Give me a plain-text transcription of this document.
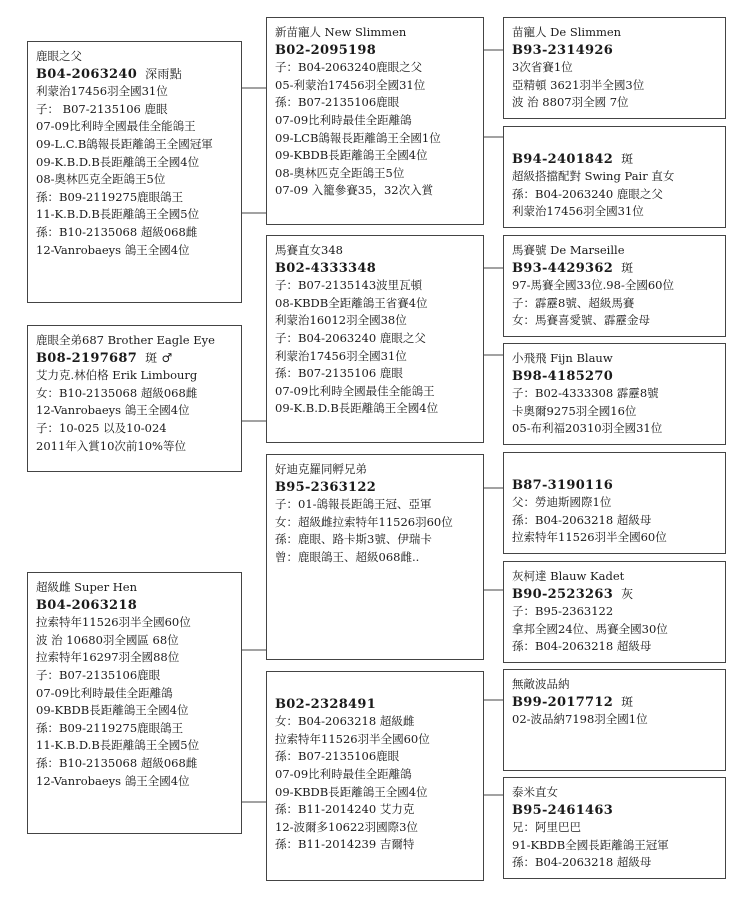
鹿眼之父
B04-2063240 深雨點
利蒙治17456羽全國31位
子： B07-2135106 鹿眼
07-09比利時全國最佳全能鴿王
09-L.C.B鴿報長距離鴿王全國冠軍
09-K.B.D.B長距離鴿王全國4位
08-奧林匹克全距鴿王5位
孫：B09-2119275鹿眼鴿王
11-K.B.D.B長距離鴿王全國5位
孫：B10-2135068 超級068雌
12-Vanrobaeys 鴿王全國4位
鹿眼全弟687 Brother Eagle Eye
B08-2197687 斑 ♂
艾力克.林伯格 Erik Limbourg
女：B10-2135068 超級068雌
12-Vanrobaeys 鴿王全國4位
子：10-025 以及10-024
2011年入賞10次前10%等位
超級雌 Super Hen
B04-2063218
拉索特年11526羽半全國60位
波 治 10680羽全國區 68位
拉索特年16297羽全國88位
子：B07-2135106鹿眼
07-09比利時最佳全距離鴿
09-KBDB長距離鴿王全國4位
孫：B09-2119275鹿眼鴿王
11-K.B.D.B長距離鴿王全國5位
孫：B10-2135068 超級068雌
12-Vanrobaeys 鴿王全國4位
新苗寵人 New Slimmen
B02-2095198
子：B04-2063240鹿眼之父
05-利蒙治17456羽全國31位
孫：B07-2135106鹿眼
07-09比利時最佳全距離鴿
09-LCB鴿報長距離鴿王全國1位
09-KBDB長距離鴿王全國4位
08-奧林匹克全距鴿王5位
07-09 入籠參賽35，32次入賞
馬賽直女348
B02-4333348
子：B07-2135143波里瓦頓
08-KBDB全距離鴿王省賽4位
利蒙治16012羽全國38位
子：B04-2063240 鹿眼之父
利蒙治17456羽全國31位
孫：B07-2135106 鹿眼
07-09比利時全國最佳全能鴿王
09-K.B.D.B長距離鴿王全國4位
好迪克羅同孵兄弟
B95-2363122
子：01-鴿報長距鴿王冠、亞軍
女：超級雌拉索特年11526羽60位
孫：鹿眼、路卡斯3號、伊瑞卡
曾：鹿眼鴿王、超級068雌..

B02-2328491
女：B04-2063218 超級雌
拉索特年11526羽半全國60位
孫：B07-2135106鹿眼
07-09比利時最佳全距離鴿
09-KBDB長距離鴿王全國4位
孫：B11-2014240 艾力克
12-波爾多10622羽國際3位
孫：B11-2014239 吉爾特
苗寵人 De Slimmen
B93-2314926
3次省賽1位
亞精頓 3621羽半全國3位
波 治 8807羽全國 7位

B94-2401842 斑
超級搭擋配對 Swing Pair 直女
孫：B04-2063240 鹿眼之父
利蒙治17456羽全國31位
馬賽號 De Marseille
B93-4429362 斑
97-馬賽全國33位.98-全國60位
子：霹靂8號、超級馬賽
女：馬賽喜愛號、霹靂金母
小飛飛 Fijn Blauw
B98-4185270
子：B02-4333308 霹靂8號
卡奧爾9275羽全國16位
05-布利福20310羽全國31位

B87-3190116
父：勞迪斯國際1位
孫：B04-2063218 超級母
拉索特年11526羽半全國60位
灰柯達 Blauw Kadet
B90-2523263 灰
子：B95-2363122
拿邦全國24位、馬賽全國30位
孫：B04-2063218 超級母
無敵波品納
B99-2017712 斑
02-波品納7198羽全國1位
泰米直女
B95-2461463
兄：阿里巴巴
91-KBDB全國長距離鴿王冠軍
孫：B04-2063218 超級母
